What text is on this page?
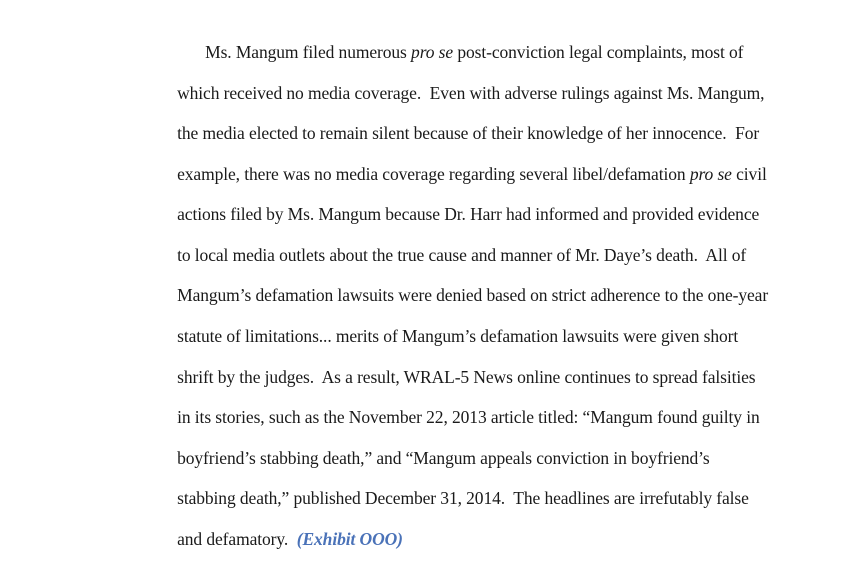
Ms. Mangum filed numerous pro se post-conviction legal complaints, most of

which received no media coverage.  Even with adverse rulings against Ms. Mangum,

the media elected to remain silent because of their knowledge of her innocence.  For

example, there was no media coverage regarding several libel/defamation pro se civil

actions filed by Ms. Mangum because Dr. Harr had informed and provided evidence

to local media outlets about the true cause and manner of Mr. Daye’s death.  All of

Mangum’s defamation lawsuits were denied based on strict adherence to the one-year

statute of limitations... merits of Mangum’s defamation lawsuits were given short

shrift by the judges.  As a result, WRAL-5 News online continues to spread falsities

in its stories, such as the November 22, 2013 article titled: “Mangum found guilty in

boyfriend’s stabbing death,” and “Mangum appeals conviction in boyfriend’s

stabbing death,” published December 31, 2014.  The headlines are irrefutably false

and defamatory.  (Exhibit OOO)
